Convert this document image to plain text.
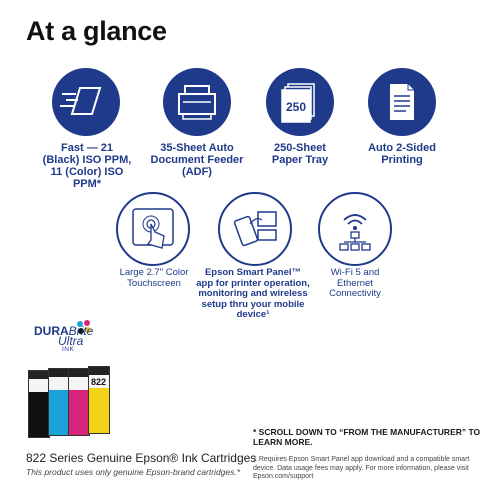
At a glance
Fast — 21 (Black) ISO PPM, 11 (Color) ISO PPM*
35-Sheet Auto Document Feeder (ADF)
250
250-Sheet Paper Tray
Auto 2-Sided Printing
Large 2.7" Color Touchscreen
Epson Smart Panel™ app for printer operation, monitoring and wireless setup thru your mobile device¹
Wi-Fi 5 and Ethernet Connectivity
DURABrite
Ultra
INK
822
822 Series Genuine Epson® Ink Cartridges
This product uses only genuine Epson-brand cartridges.*
* SCROLL DOWN TO “FROM THE MANUFACTURER” TO LEARN MORE.
1 Requires Epson Smart Panel app download and a compatible smart device. Data usage fees may apply. For more information, please visit Epson.com/support
